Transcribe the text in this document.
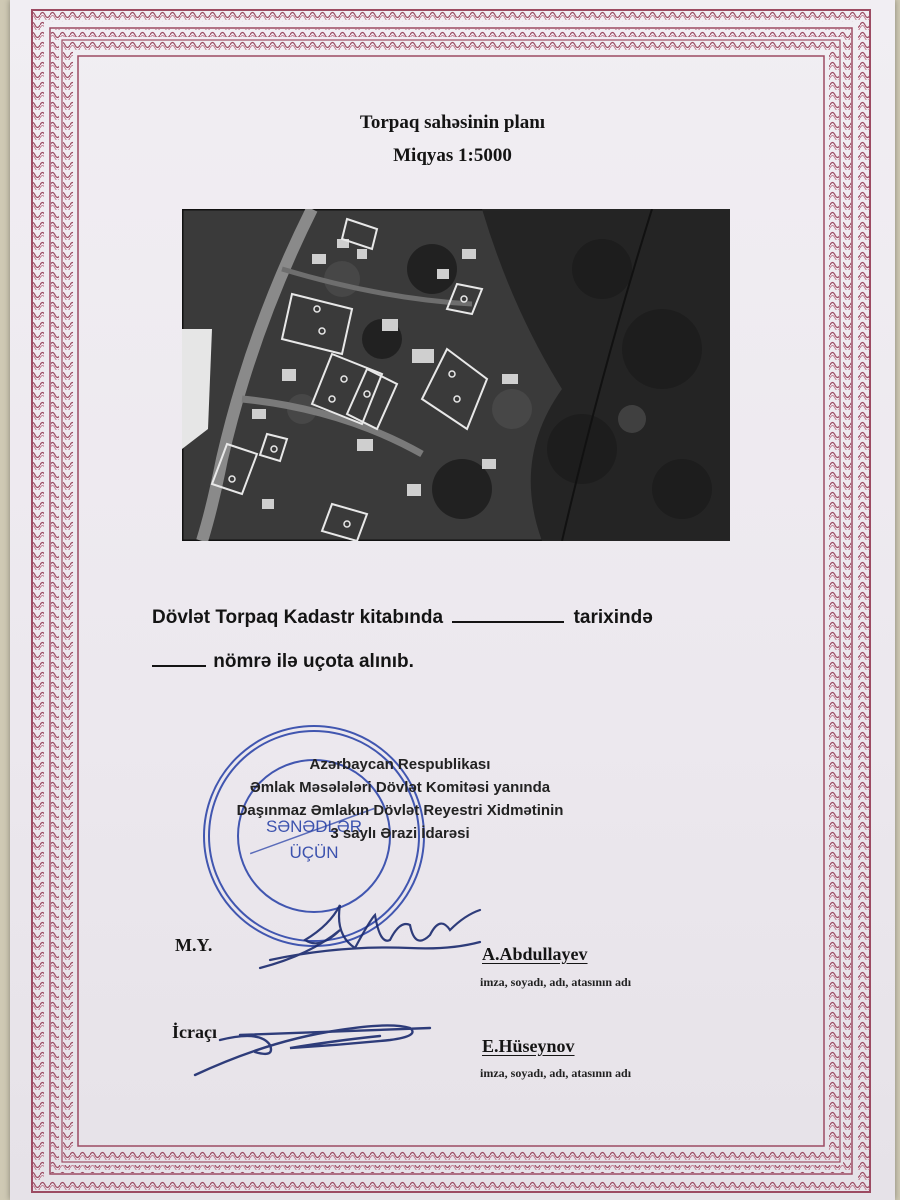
Torpaq sahəsinin planı
Miqyas 1:5000
Dövlət Torpaq Kadastr kitabında	tarixində
nömrə ilə uçota alınıb.
SƏNƏDLƏR
ÜÇÜN
Azərbaycan Respublikası
Əmlak Məsələləri Dövlət Komitəsi yanında
Daşınmaz Əmlakın Dövlət Reyestri Xidmətinin
3 saylı Ərazi İdarəsi
M.Y.	A.Abdullayev
imza, soyadı, adı, atasının adı
İcraçı
E.Hüseynov
imza, soyadı, adı, atasının adı
